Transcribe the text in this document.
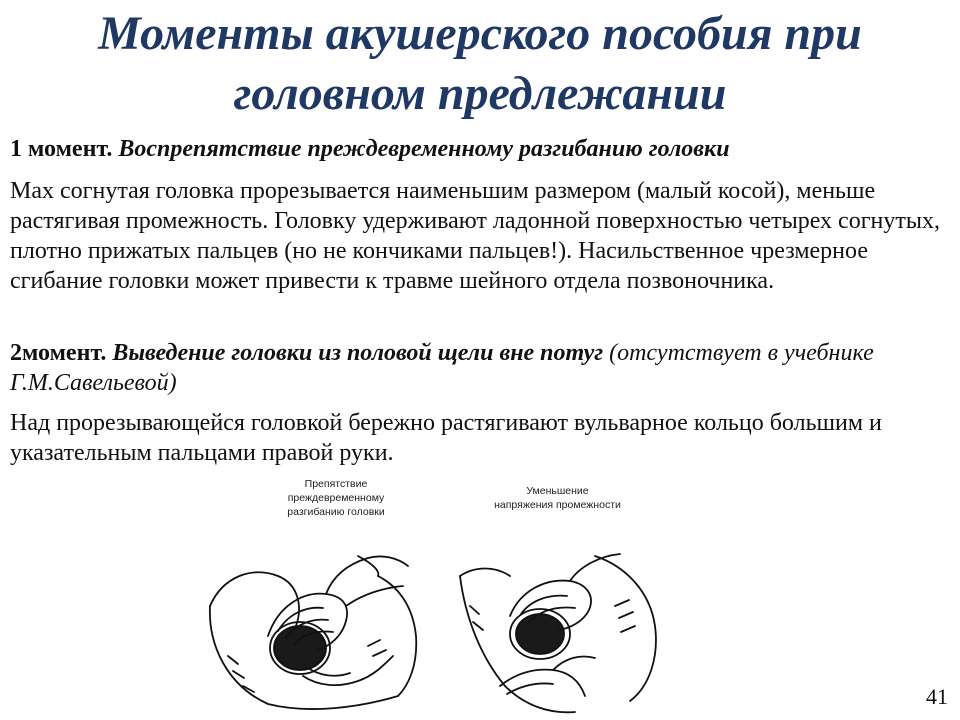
Моменты акушерского пособия при
головном предлежании
1 момент. Воспрепятствие преждевременному разгибанию головки
Мах согнутая головка прорезывается наименьшим размером (малый косой), меньше растягивая промежность. Головку удерживают ладонной поверхностью четырех согнутых, плотно прижатых пальцев (но не кончиками пальцев!). Насильственное чрезмерное сгибание головки может привести к травме шейного отдела позвоночника.
2момент. Выведение головки из половой щели вне потуг (отсутствует в учебнике Г.М.Савельевой)
Над прорезывающейся головкой бережно растягивают вульварное кольцо большим и указательным пальцами правой руки.
Препятствие
преждевременному
разгибанию головки
Уменьшение
напряжения промежности
41
